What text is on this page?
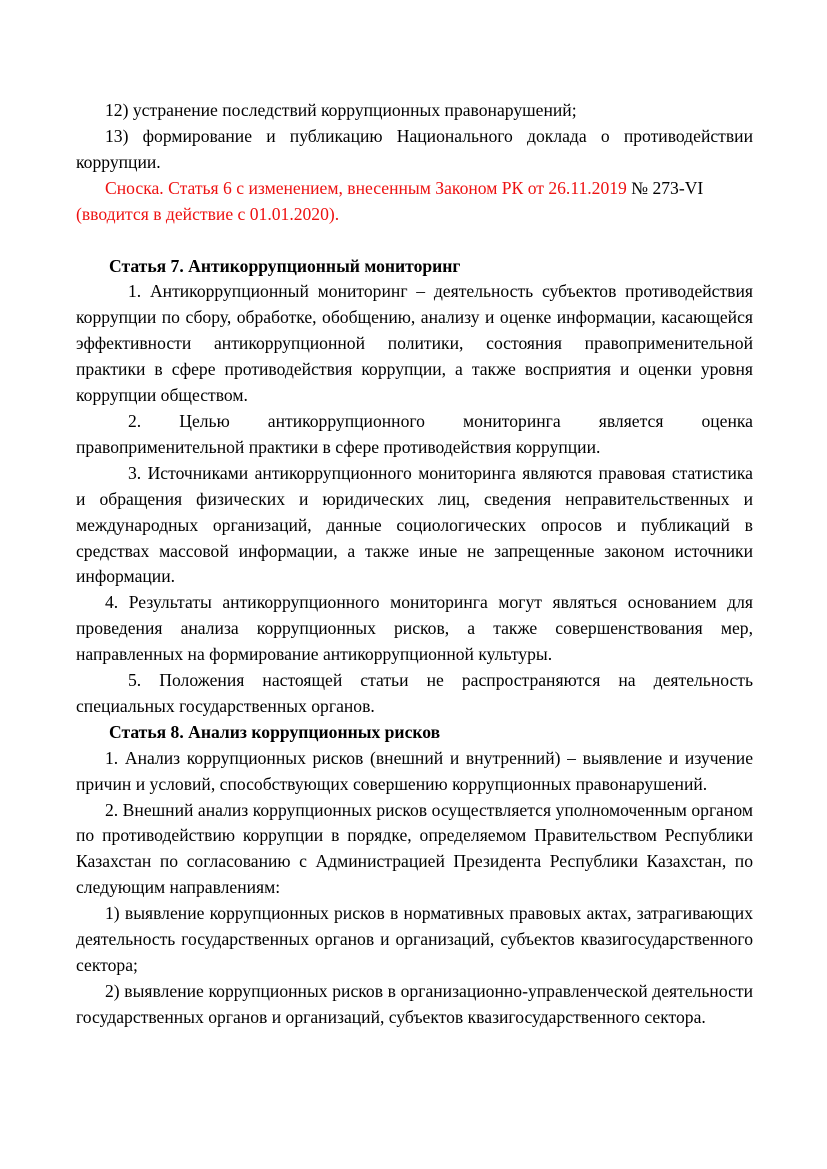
12) устранение последствий коррупционных правонарушений;

13) формирование и публикацию Национального доклада о противодействии коррупции.

Сноска. Статья 6 с изменением, внесенным Законом РК от 26.11.2019 № 273-VI (вводится в действие с 01.01.2020).

Статья 7. Антикоррупционный мониторинг

1. Антикоррупционный мониторинг – деятельность субъектов противодействия коррупции по сбору, обработке, обобщению, анализу и оценке информации, касающейся эффективности антикоррупционной политики, состояния правоприменительной практики в сфере противодействия коррупции, а также восприятия и оценки уровня коррупции обществом.

2. Целью антикоррупционного мониторинга является оценка правоприменительной практики в сфере противодействия коррупции.

3. Источниками антикоррупционного мониторинга являются правовая статистика и обращения физических и юридических лиц, сведения неправительственных и международных организаций, данные социологических опросов и публикаций в средствах массовой информации, а также иные не запрещенные законом источники информации.

4. Результаты антикоррупционного мониторинга могут являться основанием для проведения анализа коррупционных рисков, а также совершенствования мер, направленных на формирование антикоррупционной культуры.

5. Положения настоящей статьи не распространяются на деятельность специальных государственных органов.

Статья 8. Анализ коррупционных рисков

1. Анализ коррупционных рисков (внешний и внутренний) – выявление и изучение причин и условий, способствующих совершению коррупционных правонарушений.

2. Внешний анализ коррупционных рисков осуществляется уполномоченным органом по противодействию коррупции в порядке, определяемом Правительством Республики Казахстан по согласованию с Администрацией Президента Республики Казахстан, по следующим направлениям:

1) выявление коррупционных рисков в нормативных правовых актах, затрагивающих деятельность государственных органов и организаций, субъектов квазигосударственного сектора;

2) выявление коррупционных рисков в организационно-управленческой деятельности государственных органов и организаций, субъектов квазигосударственного сектора.
